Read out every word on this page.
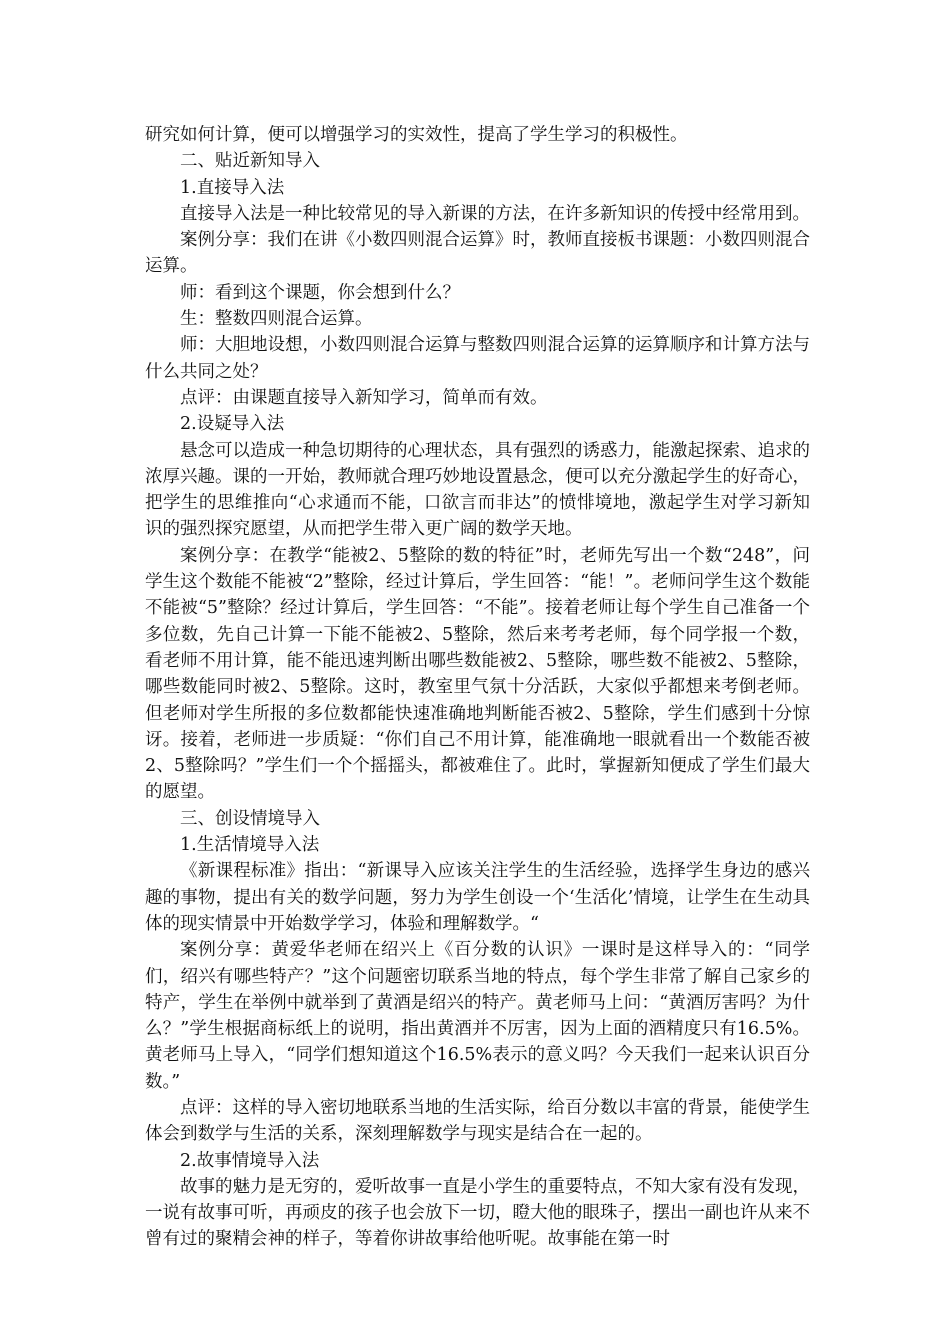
研究如何计算，便可以增强学习的实效性，提高了学生学习的积极性。

二、贴近新知导入

1.直接导入法

直接导入法是一种比较常见的导入新课的方法，在许多新知识的传授中经常用到。

案例分享：我们在讲《小数四则混合运算》时，教师直接板书课题：小数四则混合运算。

师：看到这个课题，你会想到什么？

生：整数四则混合运算。

师：大胆地设想，小数四则混合运算与整数四则混合运算的运算顺序和计算方法与什么共同之处？

点评：由课题直接导入新知学习，简单而有效。

2.设疑导入法

悬念可以造成一种急切期待的心理状态，具有强烈的诱惑力，能激起探索、追求的浓厚兴趣。课的一开始，教师就合理巧妙地设置悬念，便可以充分激起学生的好奇心，把学生的思维推向“心求通而不能，口欲言而非达”的愤悱境地，激起学生对学习新知识的强烈探究愿望，从而把学生带入更广阔的数学天地。

案例分享：在教学“能被2、5整除的数的特征”时，老师先写出一个数“248”，问学生这个数能不能被“2”整除，经过计算后，学生回答：“能！”。老师问学生这个数能不能被“5”整除？经过计算后，学生回答：“不能”。接着老师让每个学生自己准备一个多位数，先自己计算一下能不能被2、5整除，然后来考考老师，每个同学报一个数，看老师不用计算，能不能迅速判断出哪些数能被2、5整除，哪些数不能被2、5整除，哪些数能同时被2、5整除。这时，教室里气氛十分活跃，大家似乎都想来考倒老师。但老师对学生所报的多位数都能快速准确地判断能否被2、5整除，学生们感到十分惊讶。接着，老师进一步质疑：“你们自己不用计算，能准确地一眼就看出一个数能否被2、5整除吗？”学生们一个个摇摇头，都被难住了。此时，掌握新知便成了学生们最大的愿望。

三、创设情境导入

1.生活情境导入法

《新课程标准》指出：“新课导入应该关注学生的生活经验，选择学生身边的感兴趣的事物，提出有关的数学问题，努力为学生创设一个‘生活化’情境，让学生在生动具体的现实情景中开始数学学习，体验和理解数学。“

案例分享：黄爱华老师在绍兴上《百分数的认识》一课时是这样导入的：“同学们，绍兴有哪些特产？”这个问题密切联系当地的特点，每个学生非常了解自己家乡的特产，学生在举例中就举到了黄酒是绍兴的特产。黄老师马上问：“黄酒厉害吗？为什么？”学生根据商标纸上的说明，指出黄酒并不厉害，因为上面的酒精度只有16.5%。黄老师马上导入，“同学们想知道这个16.5%表示的意义吗？今天我们一起来认识百分数。”

点评：这样的导入密切地联系当地的生活实际，给百分数以丰富的背景，能使学生体会到数学与生活的关系，深刻理解数学与现实是结合在一起的。

2.故事情境导入法

故事的魅力是无穷的，爱听故事一直是小学生的重要特点，不知大家有没有发现，一说有故事可听，再顽皮的孩子也会放下一切，瞪大他的眼珠子，摆出一副也许从来不曾有过的聚精会神的样子，等着你讲故事给他听呢。故事能在第一时
